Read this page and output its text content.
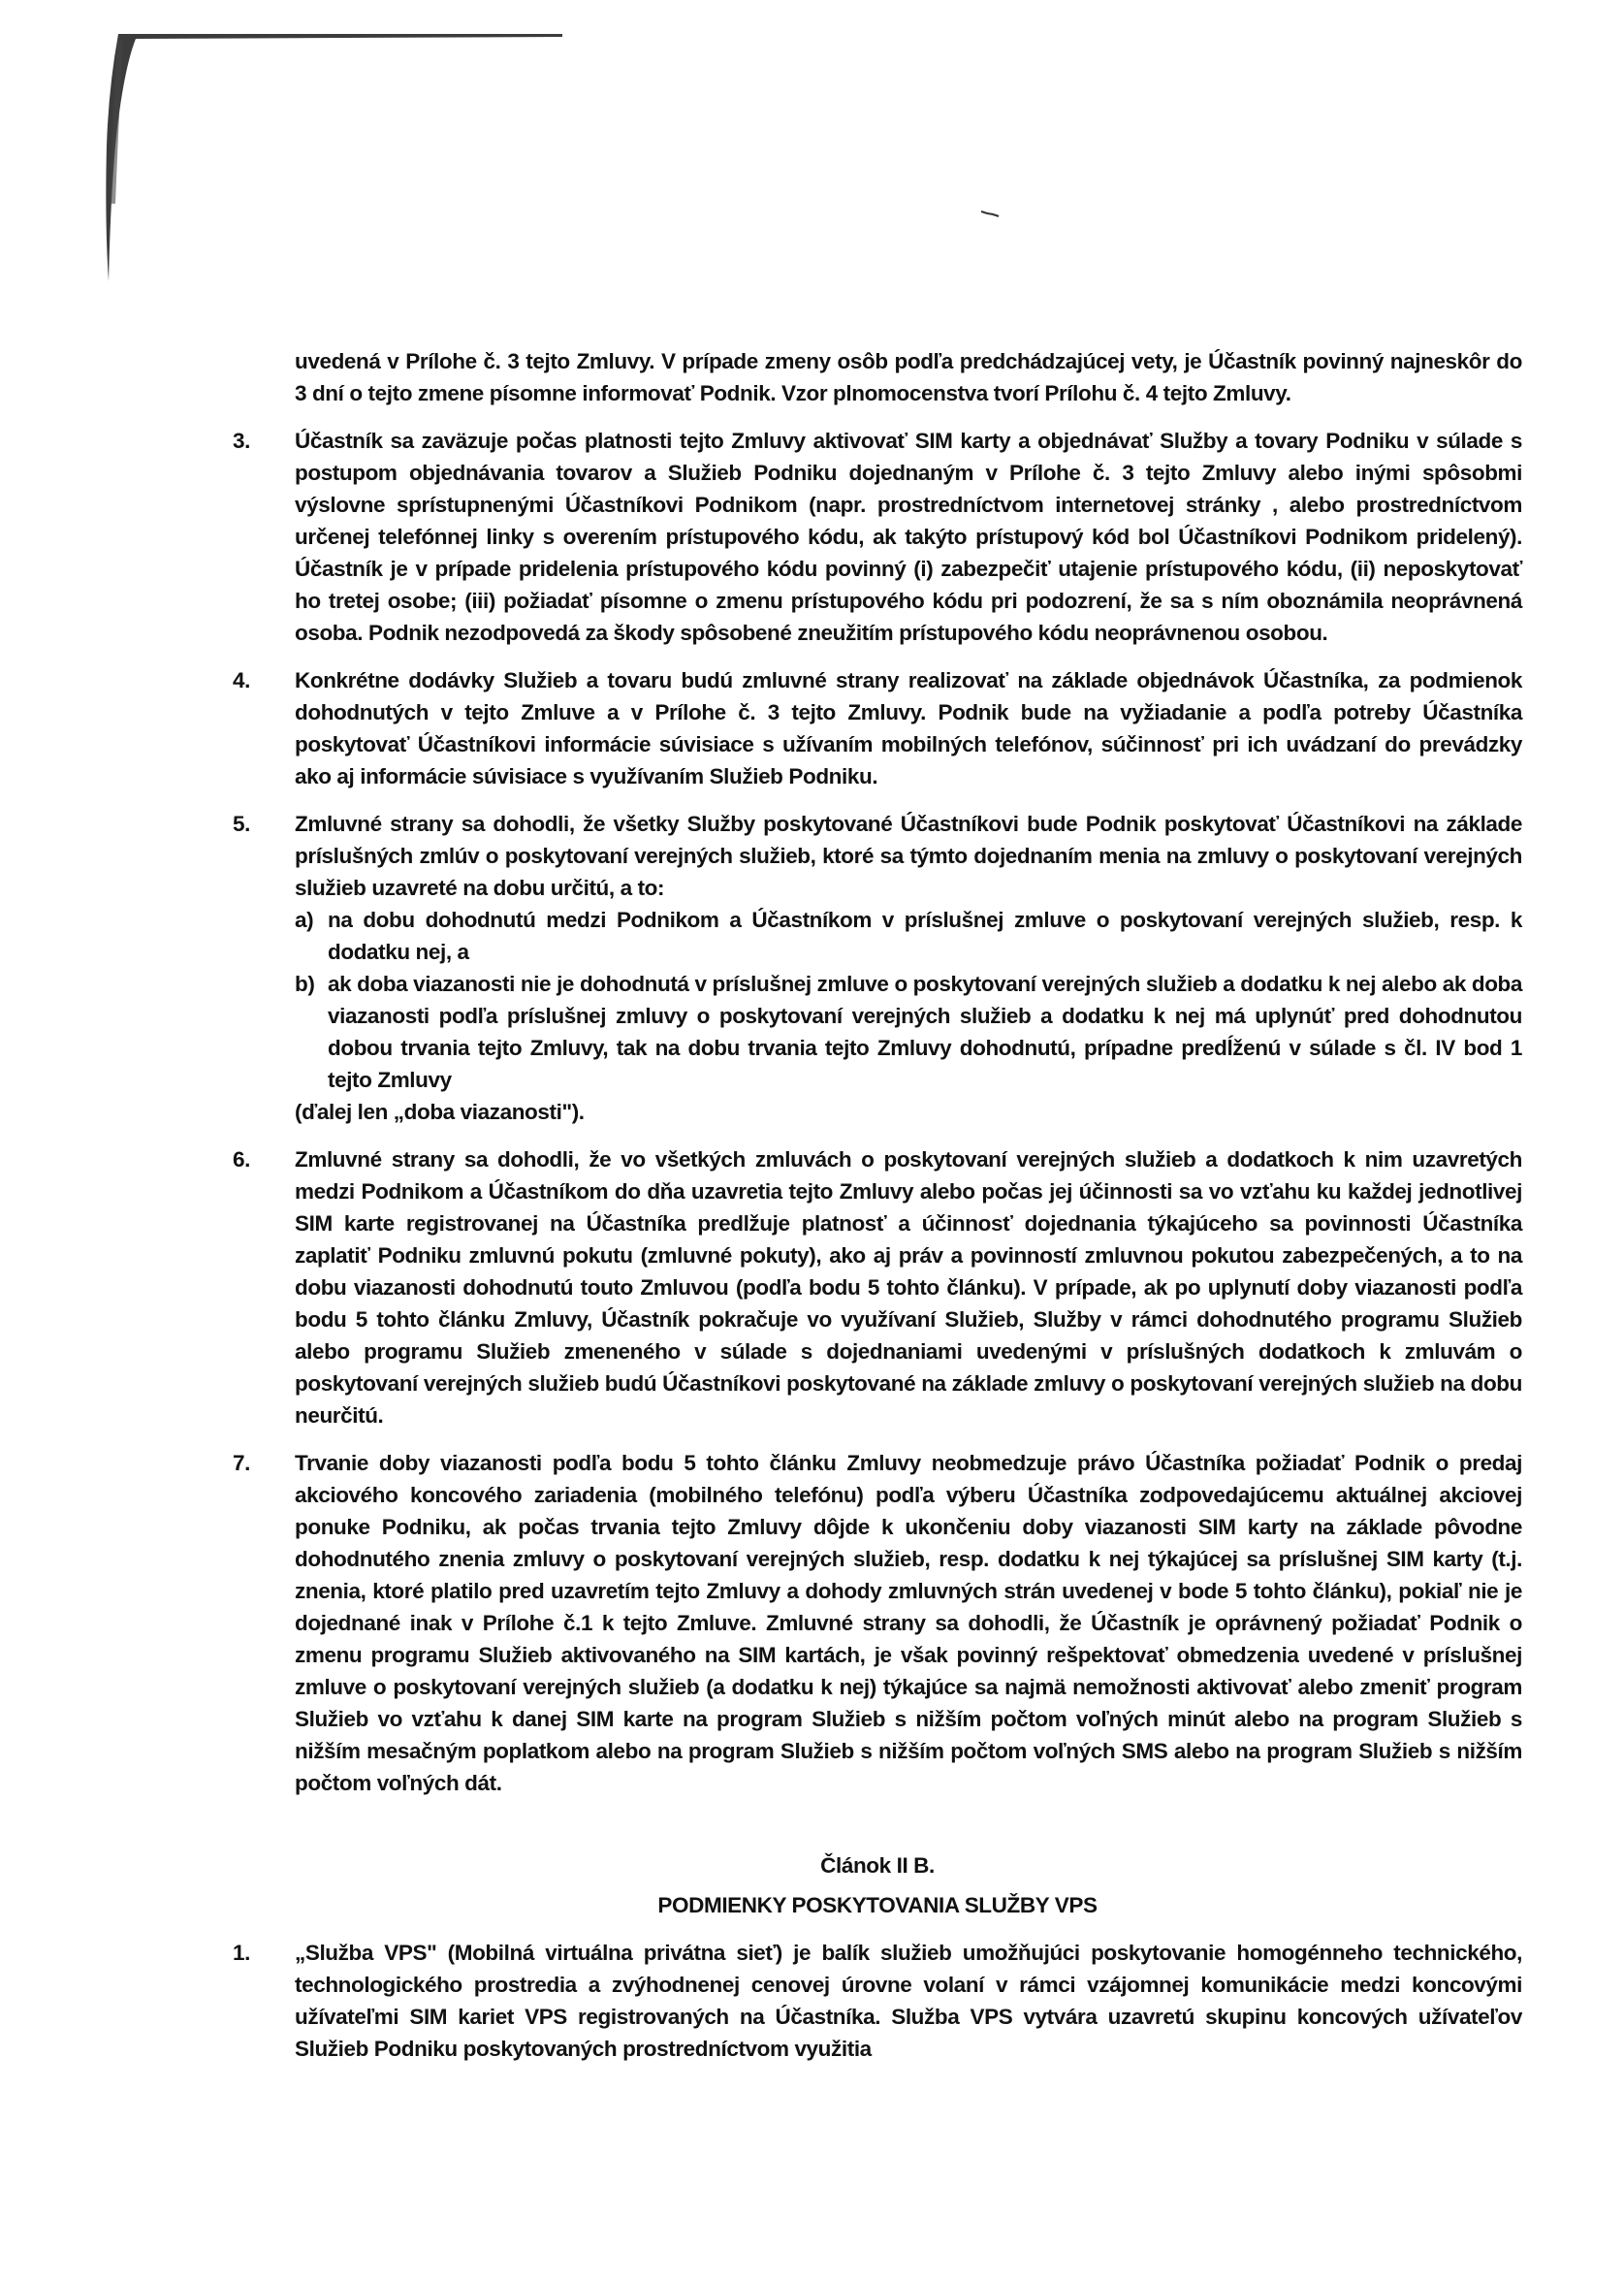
uvedená v Prílohe č. 3 tejto Zmluvy. V prípade zmeny osôb podľa predchádzajúcej vety, je Účastník povinný najneskôr do 3 dní o tejto zmene písomne informovať Podnik. Vzor plnomocenstva tvorí Prílohu č. 4 tejto Zmluvy.

3.	Účastník sa zaväzuje počas platnosti tejto Zmluvy aktivovať SIM karty a objednávať Služby a tovary Podniku v súlade s postupom objednávania tovarov a Služieb Podniku dojednaným v Prílohe č. 3 tejto Zmluvy alebo inými spôsobmi výslovne sprístupnenými Účastníkovi Podnikom (napr. prostredníctvom internetovej stránky , alebo prostredníctvom určenej telefónnej linky s overením prístupového kódu, ak takýto prístupový kód bol Účastníkovi Podnikom pridelený). Účastník je v prípade pridelenia prístupového kódu povinný (i) zabezpečiť utajenie prístupového kódu, (ii) neposkytovať ho tretej osobe; (iii) požiadať písomne o zmenu prístupového kódu pri podozrení, že sa s ním oboznámila neoprávnená osoba. Podnik nezodpovedá za škody spôsobené zneužitím prístupového kódu neoprávnenou osobou.
4.	Konkrétne dodávky Služieb a tovaru budú zmluvné strany realizovať na základe objednávok Účastníka, za podmienok dohodnutých v tejto Zmluve a v Prílohe č. 3 tejto Zmluvy. Podnik bude na vyžiadanie a podľa potreby Účastníka poskytovať Účastníkovi informácie súvisiace s užívaním mobilných telefónov, súčinnosť pri ich uvádzaní do prevádzky ako aj informácie súvisiace s využívaním Služieb Podniku.
5.	Zmluvné strany sa dohodli, že všetky Služby poskytované Účastníkovi bude Podnik poskytovať Účastníkovi na základe príslušných zmlúv o poskytovaní verejných služieb, ktoré sa týmto dojednaním menia na zmluvy o poskytovaní verejných služieb uzavreté na dobu určitú, a to:

a) na dobu dohodnutú medzi Podnikom a Účastníkom v príslušnej zmluve o poskytovaní verejných služieb, resp. k dodatku nej, a
b) ak doba viazanosti nie je dohodnutá v príslušnej zmluve o poskytovaní verejných služieb a dodatku k nej alebo ak doba viazanosti podľa príslušnej zmluvy o poskytovaní verejných služieb a dodatku k nej má uplynúť pred dohodnutou dobou trvania tejto Zmluvy, tak na dobu trvania tejto Zmluvy dohodnutú, prípadne predĺženú v súlade s čl. IV bod 1 tejto Zmluvy

(ďalej len „doba viazanosti").

6.	Zmluvné strany sa dohodli, že vo všetkých zmluvách o poskytovaní verejných služieb a dodatkoch k nim uzavretých medzi Podnikom a Účastníkom do dňa uzavretia tejto Zmluvy alebo počas jej účinnosti sa vo vzťahu ku každej jednotlivej SIM karte registrovanej na Účastníka predlžuje platnosť a účinnosť dojednania týkajúceho sa povinnosti Účastníka zaplatiť Podniku zmluvnú pokutu (zmluvné pokuty), ako aj práv a povinností zmluvnou pokutou zabezpečených, a to na dobu viazanosti dohodnutú touto Zmluvou (podľa bodu 5 tohto článku). V prípade, ak po uplynutí doby viazanosti podľa bodu 5 tohto článku Zmluvy, Účastník pokračuje vo využívaní Služieb, Služby v rámci dohodnutého programu Služieb alebo programu Služieb zmeneného v súlade s dojednaniami uvedenými v príslušných dodatkoch k zmluvám o poskytovaní verejných služieb budú Účastníkovi poskytované na základe zmluvy o poskytovaní verejných služieb na dobu neurčitú.
7.	Trvanie doby viazanosti podľa bodu 5 tohto článku Zmluvy neobmedzuje právo Účastníka požiadať Podnik o predaj akciového koncového zariadenia (mobilného telefónu) podľa výberu Účastníka zodpovedajúcemu aktuálnej akciovej ponuke Podniku, ak počas trvania tejto Zmluvy dôjde k ukončeniu doby viazanosti SIM karty na základe pôvodne dohodnutého znenia zmluvy o poskytovaní verejných služieb, resp. dodatku k nej týkajúcej sa príslušnej SIM karty (t.j. znenia, ktoré platilo pred uzavretím tejto Zmluvy a dohody zmluvných strán uvedenej v bode 5 tohto článku), pokiaľ nie je dojednané inak v Prílohe č.1 k tejto Zmluve. Zmluvné strany sa dohodli, že Účastník je oprávnený požiadať Podnik o zmenu programu Služieb aktivovaného na SIM kartách, je však povinný rešpektovať obmedzenia uvedené v príslušnej zmluve o poskytovaní verejných služieb (a dodatku k nej) týkajúce sa najmä nemožnosti aktivovať alebo zmeniť program Služieb vo vzťahu k danej SIM karte na program Služieb s nižším počtom voľných minút alebo na program Služieb s nižším mesačným poplatkom alebo na program Služieb s nižším počtom voľných SMS alebo na program Služieb s nižším počtom voľných dát.
Článok II B.
PODMIENKY POSKYTOVANIA SLUŽBY VPS
1.	„Služba VPS" (Mobilná virtuálna privátna sieť) je balík služieb umožňujúci poskytovanie homogénneho technického, technologického prostredia a zvýhodnenej cenovej úrovne volaní v rámci vzájomnej komunikácie medzi koncovými užívateľmi SIM kariet VPS registrovaných na Účastníka. Služba VPS vytvára uzavretú skupinu koncových užívateľov Služieb Podniku poskytovaných prostredníctvom využitia
